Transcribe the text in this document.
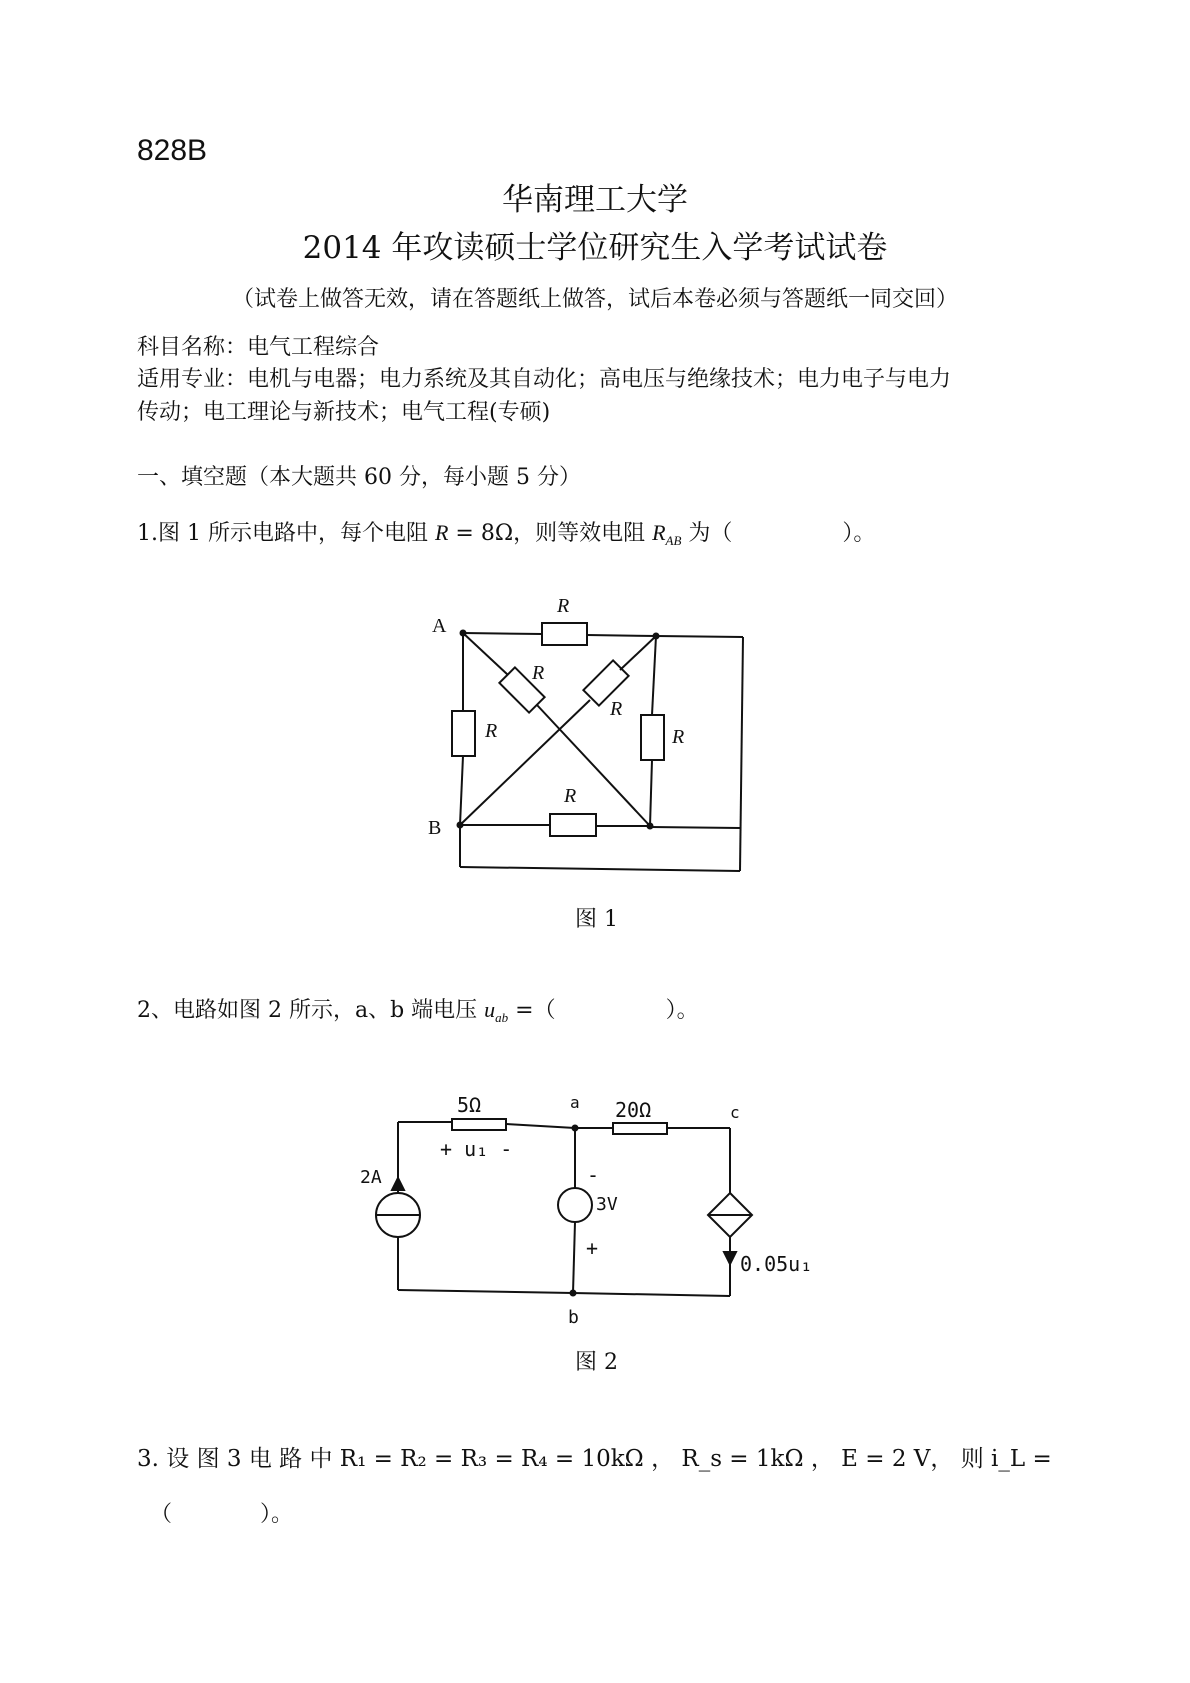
828B
华南理工大学
2014 年攻读硕士学位研究生入学考试试卷
（试卷上做答无效，请在答题纸上做答，试后本卷必须与答题纸一同交回）
科目名称：电气工程综合
适用专业：电机与电器；电力系统及其自动化；高电压与绝缘技术；电力电子与电力
传动；电工理论与新技术；电气工程(专硕)
一、填空题（本大题共 60 分，每小题 5 分）
1.图 1 所示电路中，每个电阻 R = 8Ω，则等效电阻 $R_{AB}$ 为（　　　　　）。
A
B
R
R	R
R
R
R
图 1
2、电路如图 2 所示，a、b 端电压 $u_{ab}$ =（　　　　　）。
5Ω	20Ω
a
c
b
+ u₁ -
2A
3V
-
+
0.05u₁
图 2
3. 设 图 3 电 路 中 R₁ = R₂ = R₃ = R₄ = 10kΩ ， R_s = 1kΩ ， E = 2 V， 则 i_L =
（　　　　）。
